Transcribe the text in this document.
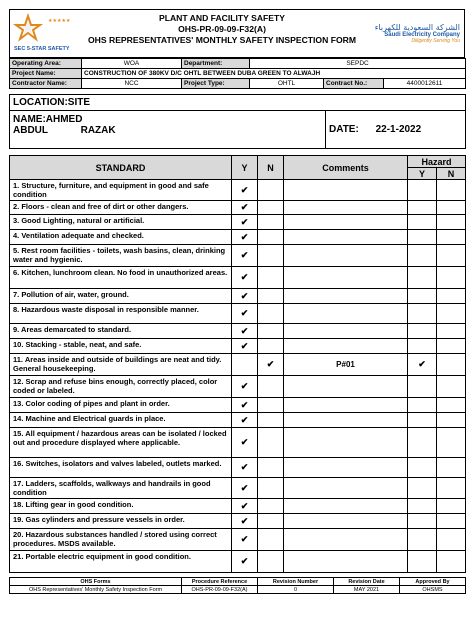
★★★★★
SEC 5-STAR SAFETY
PLANT AND FACILITY SAFETY
OHS-PR-09-09-F32(A)
OHS REPRESENTATIVES' MONTHLY SAFETY INSPECTION FORM
الشركة السعودية للكهرباء
Saudi Electricity Company
Diligently Serving You
Operating Area:	WOA	Department:	SEPDC		
Project Name:	CONSTRUCTION OF 380KV D/C OHTL BETWEEN DUBA GREEN TO ALWAJH				
Contractor Name:	NCC	Project Type:	OHTL	Contract No.:	4400012611
LOCATION:SITE

NAME:AHMED ABDUL RAZAK	DATE: 22-1-2022
STANDARD	Y	N	Comments	Hazard	
				Y	N
1. Structure, furniture, and equipment in good and safe condition	✔				
2. Floors - clean and free of dirt or other dangers.	✔				
3. Good Lighting, natural or artificial.	✔				
4. Ventilation adequate and checked.	✔				
5. Rest room facilities - toilets, wash basins, clean, drinking water and hygienic.	✔				
6. Kitchen, lunchroom clean. No food in unauthorized areas.	✔				
7. Pollution of air, water, ground.	✔				
8. Hazardous waste disposal in responsible manner.	✔				
9. Areas demarcated to standard.	✔				
10. Stacking - stable, neat, and safe.	✔				
11. Areas inside and outside of buildings are neat and tidy. General housekeeping.		✔	P#01	✔	
12. Scrap and refuse bins enough, correctly placed, color coded or labeled.	✔				
13. Color coding of pipes and plant in order.	✔				
14. Machine and Electrical guards in place.	✔				
15. All equipment / hazardous areas can be isolated / locked out and procedure displayed where applicable.	✔				
16. Switches, isolators and valves labeled, outlets marked.	✔				
17. Ladders, scaffolds, walkways and handrails in good condition	✔				
18. Lifting gear in good condition.	✔				
19. Gas cylinders and pressure vessels in order.	✔				
20. Hazardous substances handled / stored using correct procedures. MSDS available.	✔				
21. Portable electric equipment in good condition.	✔				
OHS Forms	Procedure Reference	Revision Number	Revision Date	Approved By
OHS Representatives' Monthly Safety Inspection Form	OHS-PR-09-09-F32(A)	0	MAY 2021	OHSMS
